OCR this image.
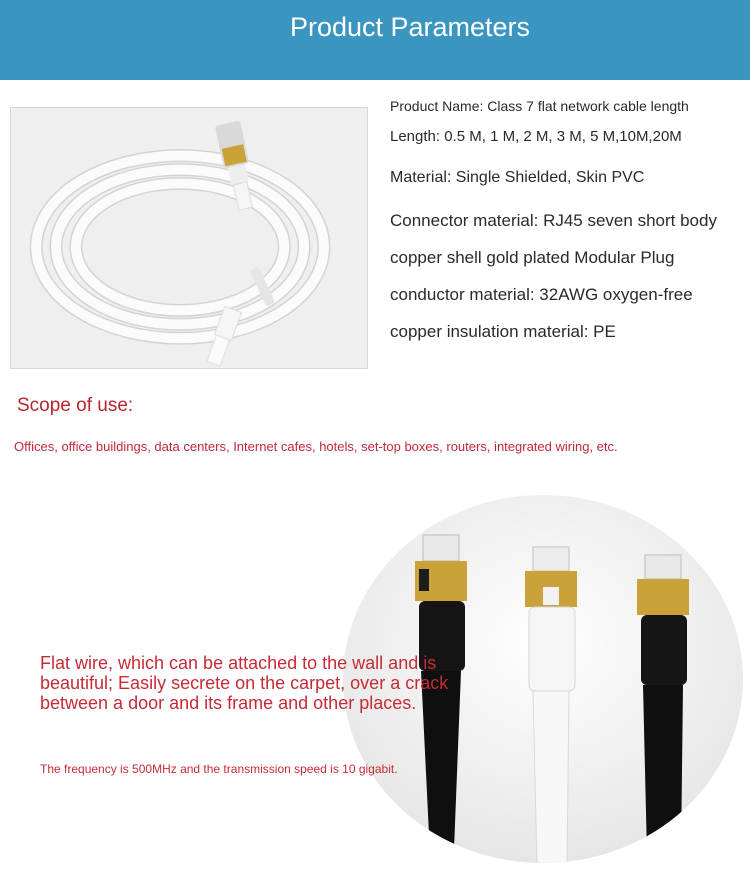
Product Parameters
Product Name: Class 7 flat network cable length
Length: 0.5 M, 1 M, 2 M, 3 M, 5 M,10M,20M
Material: Single Shielded, Skin PVC
Connector material: RJ45 seven short body
copper shell gold plated Modular Plug
conductor material: 32AWG oxygen-free
copper insulation material: PE
Scope of use:
Offices, office buildings, data centers, Internet cafes, hotels, set-top boxes, routers, integrated wiring, etc.
Flat wire, which can be attached to the wall and is beautiful; Easily secrete on the carpet, over a crack between a door and its frame and other places.
The frequency is 500MHz and the transmission speed is 10 gigabit.
